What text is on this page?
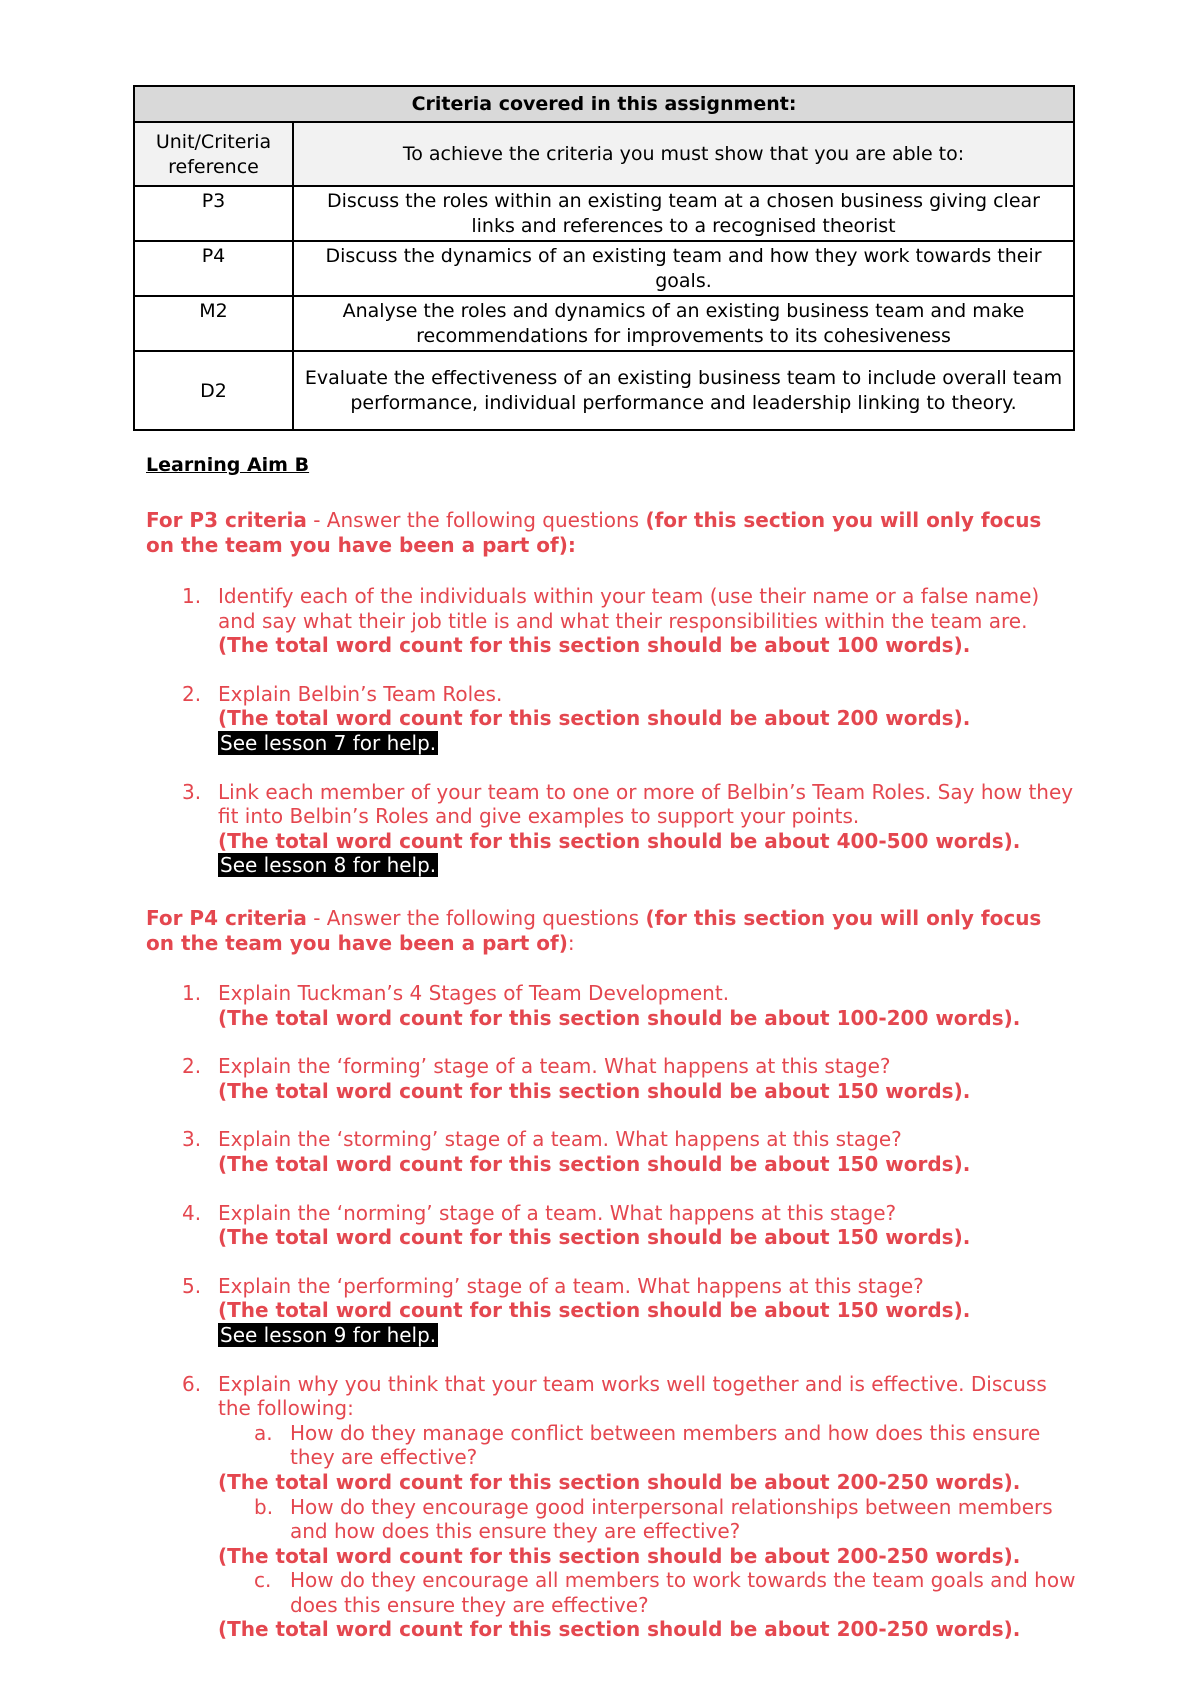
Criteria covered in this assignment:	
Unit/Criteria reference	To achieve the criteria you must show that you are able to:
P3	Discuss the roles within an existing team at a chosen business giving clear links and references to a recognised theorist
P4	Discuss the dynamics of an existing team and how they work towards their goals.
M2	Analyse the roles and dynamics of an existing business team and make recommendations for improvements to its cohesiveness
D2	Evaluate the effectiveness of an existing business team to include overall team performance, individual performance and leadership linking to theory.
Learning Aim B
For P3 criteria - Answer the following questions (for this section you will only focus on the team you have been a part of):
1. Identify each of the individuals within your team (use their name or a false name) and say what their job title is and what their responsibilities within the team are.
(The total word count for this section should be about 100 words).
2. Explain Belbin’s Team Roles.
(The total word count for this section should be about 200 words).
See lesson 7 for help.
3. Link each member of your team to one or more of Belbin’s Team Roles. Say how they fit into Belbin’s Roles and give examples to support your points.
(The total word count for this section should be about 400-500 words).
See lesson 8 for help.
For P4 criteria - Answer the following questions (for this section you will only focus on the team you have been a part of):
1. Explain Tuckman’s 4 Stages of Team Development.
(The total word count for this section should be about 100-200 words).
2. Explain the ‘forming’ stage of a team. What happens at this stage?
(The total word count for this section should be about 150 words).
3. Explain the ‘storming’ stage of a team. What happens at this stage?
(The total word count for this section should be about 150 words).
4. Explain the ‘norming’ stage of a team. What happens at this stage?
(The total word count for this section should be about 150 words).
5. Explain the ‘performing’ stage of a team. What happens at this stage?
(The total word count for this section should be about 150 words).
See lesson 9 for help.
6. Explain why you think that your team works well together and is effective. Discuss the following:
a. How do they manage conflict between members and how does this ensure they are effective?
(The total word count for this section should be about 200-250 words).
b. How do they encourage good interpersonal relationships between members and how does this ensure they are effective?
(The total word count for this section should be about 200-250 words).
c. How do they encourage all members to work towards the team goals and how does this ensure they are effective?
(The total word count for this section should be about 200-250 words).
